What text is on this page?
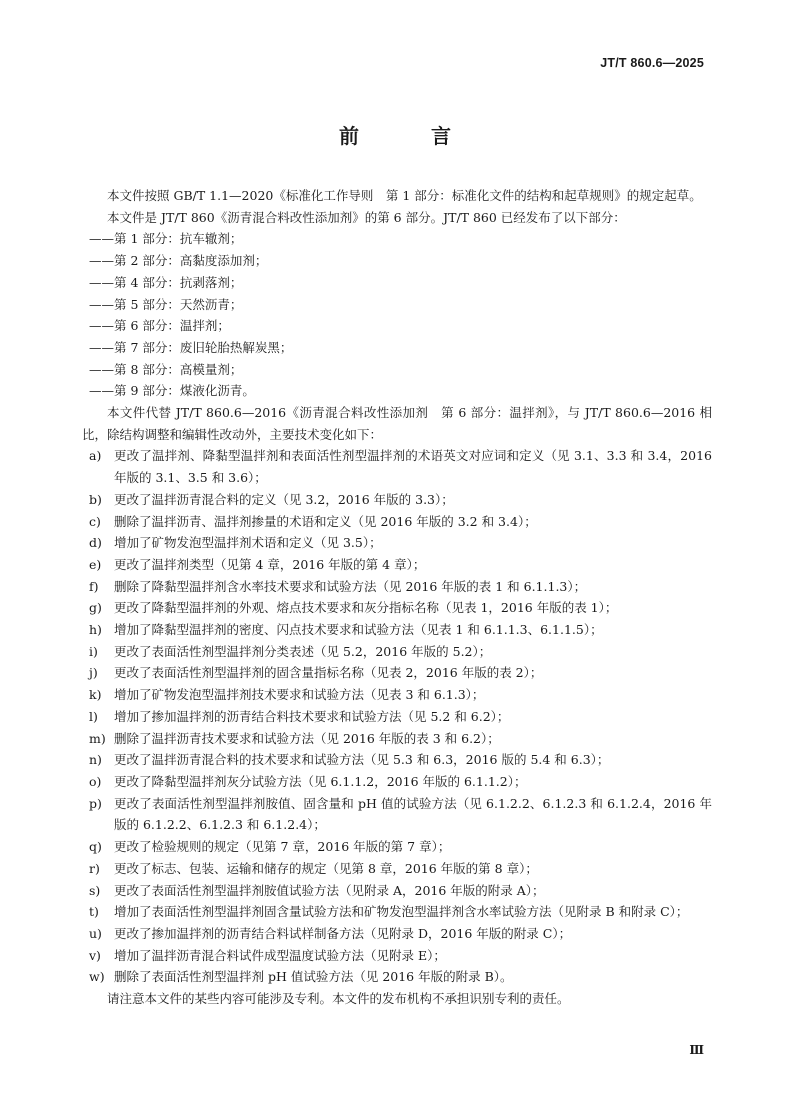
JT/T 860.6—2025
前　言

本文件按照 GB/T 1.1—2020《标准化工作导则　第 1 部分：标准化文件的结构和起草规则》的规定起草。

本文件是 JT/T 860《沥青混合料改性添加剂》的第 6 部分。JT/T 860 已经发布了以下部分：

——第 1 部分：抗车辙剂；
——第 2 部分：高黏度添加剂；
——第 4 部分：抗剥落剂；
——第 5 部分：天然沥青；
——第 6 部分：温拌剂；
——第 7 部分：废旧轮胎热解炭黑；
——第 8 部分：高模量剂；
——第 9 部分：煤液化沥青。

本文件代替 JT/T 860.6—2016《沥青混合料改性添加剂　第 6 部分：温拌剂》，与 JT/T 860.6—2016 相比，除结构调整和编辑性改动外，主要技术变化如下：

a)	更改了温拌剂、降黏型温拌剂和表面活性剂型温拌剂的术语英文对应词和定义（见 3.1、3.3 和 3.4，2016 年版的 3.1、3.5 和 3.6）；
b) 更改了温拌沥青混合料的定义（见 3.2，2016 年版的 3.3）；
c)	删除了温拌沥青、温拌剂掺量的术语和定义（见 2016 年版的 3.2 和 3.4）；
d) 增加了矿物发泡型温拌剂术语和定义（见 3.5）；
e)	更改了温拌剂类型（见第 4 章，2016 年版的第 4 章）；
f)	删除了降黏型温拌剂含水率技术要求和试验方法（见 2016 年版的表 1 和 6.1.1.3）；
g) 更改了降黏型温拌剂的外观、熔点技术要求和灰分指标名称（见表 1，2016 年版的表 1）；
h) 增加了降黏型温拌剂的密度、闪点技术要求和试验方法（见表 1 和 6.1.1.3、6.1.1.5）；
i)	更改了表面活性剂型温拌剂分类表述（见 5.2，2016 年版的 5.2）；
j)	更改了表面活性剂型温拌剂的固含量指标名称（见表 2，2016 年版的表 2）；
k)	增加了矿物发泡型温拌剂技术要求和试验方法（见表 3 和 6.1.3）；
l)	增加了掺加温拌剂的沥青结合料技术要求和试验方法（见 5.2 和 6.2）；
m) 删除了温拌沥青技术要求和试验方法（见 2016 年版的表 3 和 6.2）；
n) 更改了温拌沥青混合料的技术要求和试验方法（见 5.3 和 6.3，2016 版的 5.4 和 6.3）；
o)	更改了降黏型温拌剂灰分试验方法（见 6.1.1.2，2016 年版的 6.1.1.2）；
p) 更改了表面活性剂型温拌剂胺值、固含量和 pH 值的试验方法（见 6.1.2.2、6.1.2.3 和 6.1.2.4，2016 年版的 6.1.2.2、6.1.2.3 和 6.1.2.4）；
q) 更改了检验规则的规定（见第 7 章，2016 年版的第 7 章）；
r)	更改了标志、包装、运输和储存的规定（见第 8 章，2016 年版的第 8 章）；
s)	更改了表面活性剂型温拌剂胺值试验方法（见附录 A，2016 年版的附录 A）；
t)	增加了表面活性剂型温拌剂固含量试验方法和矿物发泡型温拌剂含水率试验方法（见附录 B 和附录 C）；
u) 更改了掺加温拌剂的沥青结合料试样制备方法（见附录 D，2016 年版的附录 C）；
v)	增加了温拌沥青混合料试件成型温度试验方法（见附录 E）；
w) 删除了表面活性剂型温拌剂 pH 值试验方法（见 2016 年版的附录 B）。

请注意本文件的某些内容可能涉及专利。本文件的发布机构不承担识别专利的责任。

Ⅲ
